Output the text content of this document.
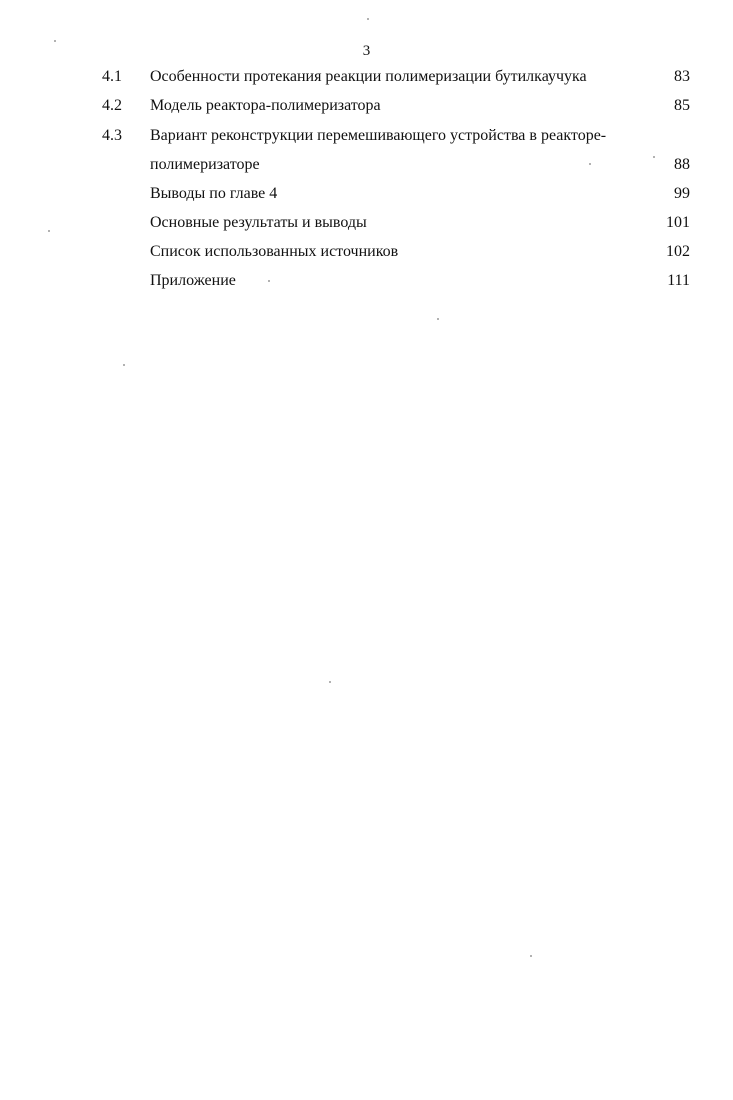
3
4.1 Особенности протекания реакции полимеризации бутилкаучука	83
4.2 Модель реактора-полимеризатора	85
4.3 Вариант реконструкции перемешивающего устройства в реакторе-
полимеризаторе	88
Выводы по главе 4	99
Основные результаты и выводы	101
Список использованных источников	102
Приложение	111
